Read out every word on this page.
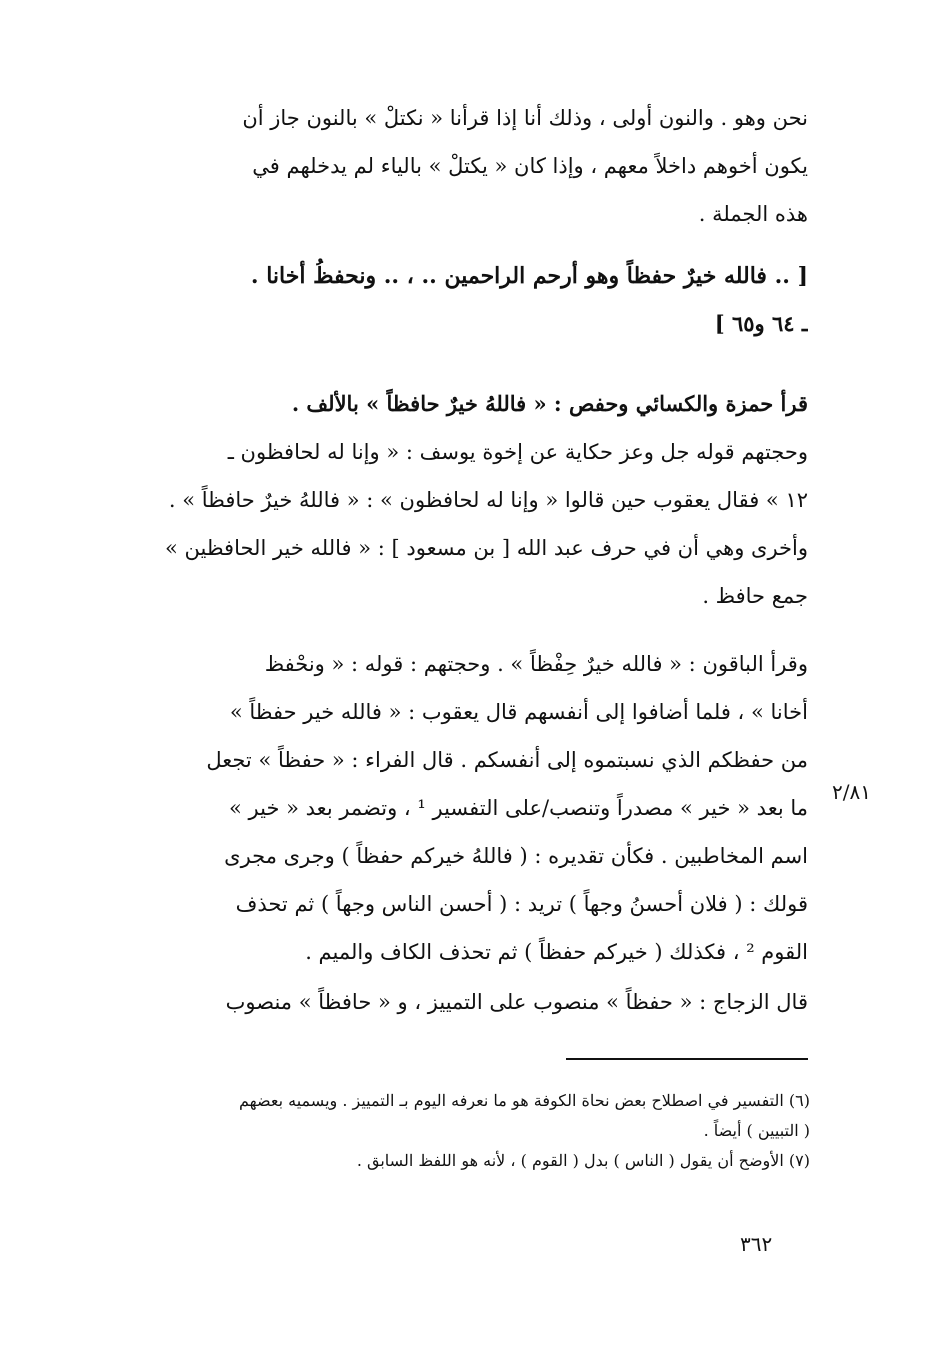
نحن وهو . والنون أولى ، وذلك أنا إذا قرأنا « نكتلْ » بالنون جاز أن
يكون أخوهم داخلاً معهم ، وإذا كان « يكتلْ » بالياء لم يدخلهم في
هذه الجملة .
[ .. فالله خيرٌ حفظاً وهو أرحم الراحمين .. ، .. ونحفظُ أخانا .
ـ ٦٤ و٦٥ ]
قرأ حمزة والكسائي وحفص : « فاللهُ خيرٌ حافظاً » بالألف .
وحجتهم قوله جل وعز حكاية عن إخوة يوسف : « وإنا له لحافظون ـ
١٢ » فقال يعقوب حين قالوا « وإنا له لحافظون » : « فاللهُ خيرٌ حافظاً » .
وأخرى وهي أن في حرف عبد الله [ بن مسعود ] : « فالله خير الحافظين »
جمع حافظ .
وقرأ الباقون : « فالله خيرٌ حِفْظاً » . وحجتهم : قوله : « ونحْفظ
أخانا » ، فلما أضافوا إلى أنفسهم قال يعقوب : « فالله خير حفظاً »
من حفظكم الذي نسبتموه إلى أنفسكم . قال الفراء : « حفظاً » تجعل
ما بعد « خير » مصدراً وتنصب/على التفسير ¹ ، وتضمر بعد « خير »
اسم المخاطبين . فكأن تقديره : ( فاللهُ خيركم حفظاً ) وجرى مجرى
قولك : ( فلان أحسنُ وجهاً ) تريد : ( أحسن الناس وجهاً ) ثم تحذف
القوم ² ، فكذلك ( خيركم حفظاً ) ثم تحذف الكاف والميم .
قال الزجاج : « حفظاً » منصوب على التمييز ، و « حافظاً » منصوب
٢/٨١
(٦) التفسير في اصطلاح بعض نحاة الكوفة هو ما نعرفه اليوم بـ التمييز . ويسميه بعضهم
( التبيين ) أيضاً .
(٧) الأوضح أن يقول ( الناس ) بدل ( القوم ) ، لأنه هو اللفظ السابق .
٣٦٢
